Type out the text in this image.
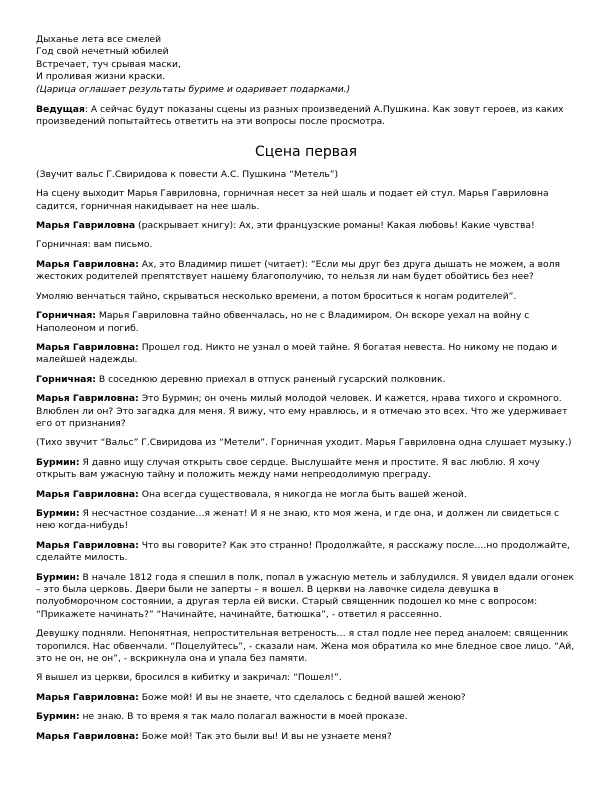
Дыханье лета все смелей

Год свой нечетный юбилей

Встречает, туч срывая маски,

И проливая жизни краски.

(Царица оглашает результаты буриме и одаривает подарками.)

Ведущая: А сейчас будут показаны сцены из разных произведений А.Пушкина. Как зовут героев, из каких произведений попытайтесь ответить на эти вопросы после просмотра.

Сцена первая

(Звучит вальс Г.Свиридова к повести А.С. Пушкина “Метель”)

На сцену выходит Марья Гавриловна, горничная несет за ней шаль и подает ей стул. Марья Гавриловна садится, горничная накидывает на нее шаль.

Марья Гавриловна (раскрывает книгу): Ах, эти французские романы! Какая любовь! Какие чувства!

Горничная: вам письмо.

Марья Гавриловна: Ах, это Владимир пишет (читает): “Если мы друг без друга дышать не можем, а воля жестоких родителей препятствует нашему благополучию, то нельзя ли нам будет обойтись без нее?

Умоляю венчаться тайно, скрываться несколько времени, а потом броситься к ногам родителей”.

Горничная: Марья Гавриловна тайно обвенчалась, но не с Владимиром. Он вскоре уехал на войну с Наполеоном и погиб.

Марья Гавриловна: Прошел год. Никто не узнал о моей тайне. Я богатая невеста. Но никому не подаю и малейшей надежды.

Горничная: В соседнюю деревню приехал в отпуск раненый гусарский полковник.

Марья Гавриловна: Это Бурмин; он очень милый молодой человек. И кажется, нрава тихого и скромного. Влюблен ли он? Это загадка для меня. Я вижу, что ему нравлюсь, и я отмечаю это всех. Что же удерживает его от признания?

(Тихо звучит “Вальс” Г.Свиридова из “Метели”. Горничная уходит. Марья Гавриловна одна слушает музыку.)

Бурмин: Я давно ищу случая открыть свое сердце. Выслушайте меня и простите. Я вас люблю. Я хочу открыть вам ужасную тайну и положить между нами непреодолимую преграду.

Марья Гавриловна: Она всегда существовала, я никогда не могла быть вашей женой.

Бурмин: Я несчастное создание…я женат! И я не знаю, кто моя жена, и где она, и должен ли свидеться с нею когда-нибудь!

Марья Гавриловна: Что вы говорите? Как это странно! Продолжайте, я расскажу после….но продолжайте, сделайте милость.

Бурмин: В начале 1812 года я спешил в полк, попал в ужасную метель и заблудился. Я увидел вдали огонек – это была церковь. Двери были не заперты – я вошел. В церкви на лавочке сидела девушка в полуобморочном состоянии, а другая терла ей виски. Старый священник подошел ко мне с вопросом: “Прикажете начинать?” “Начинайте, начинайте, батюшка”, - ответил я рассеянно.

Девушку подняли. Непонятная, непростительная ветреность… я стал подле нее перед аналоем: священник торопился. Нас обвенчали. “Поцелуйтесь”, - сказали нам. Жена моя обратила ко мне бледное свое лицо. “Ай, это не он, не он”, - вскрикнула она и упала без памяти.

Я вышел из церкви, бросился в кибитку и закричал: “Пошел!”.

Марья Гавриловна: Боже мой! И вы не знаете, что сделалось с бедной вашей женою?

Бурмин: не знаю. В то время я так мало полагал важности в моей проказе.

Марья Гавриловна: Боже мой! Так это были вы! И вы не узнаете меня?
